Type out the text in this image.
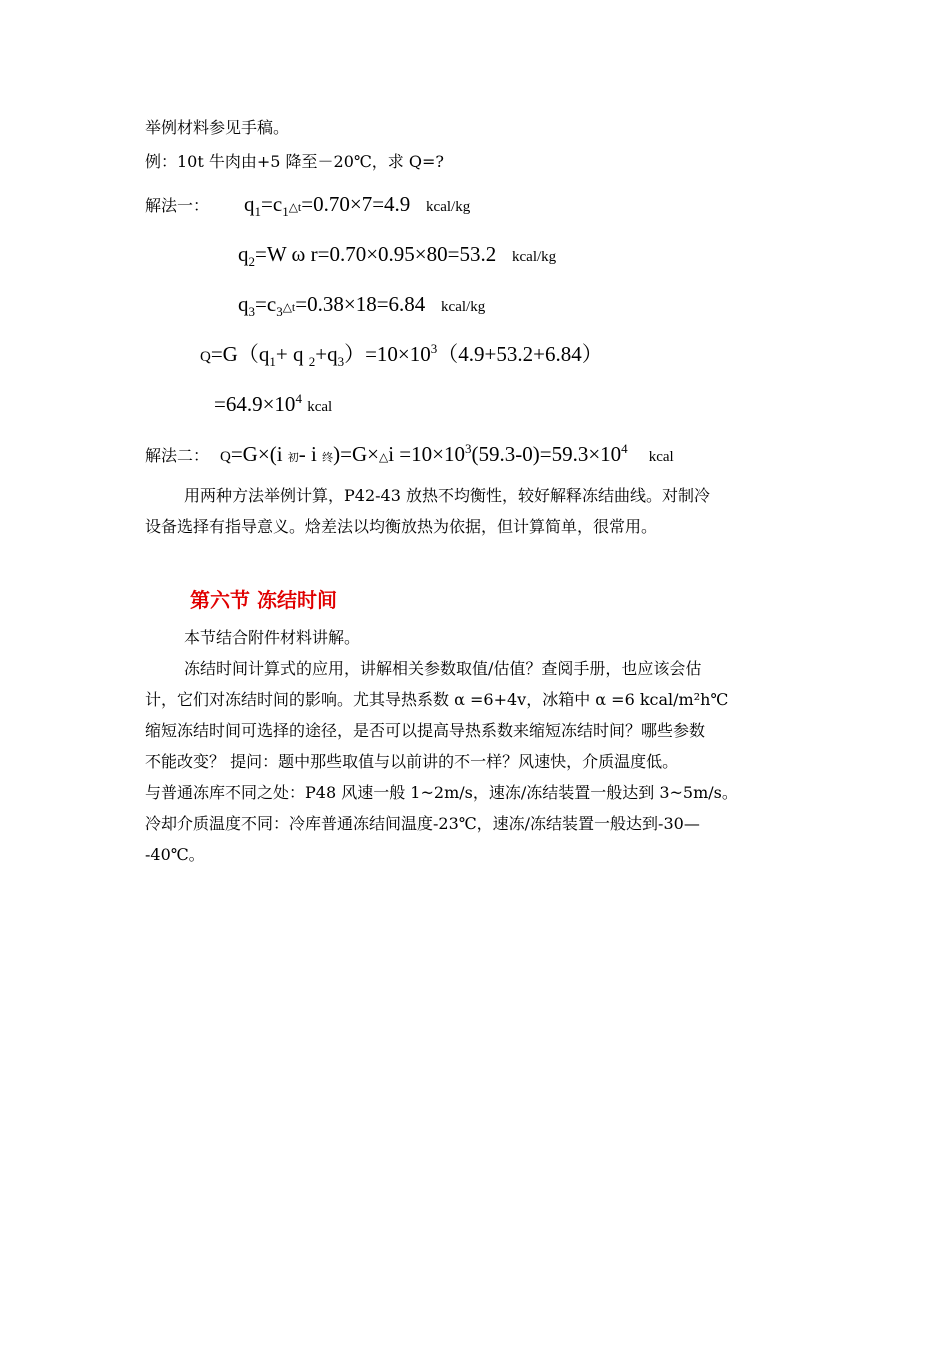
举例材料参见手稿。
例：10t 牛肉由+5 降至－20℃，求 Q=?
解法一： $q_1=c_1\triangle t=0.70\times 7=4.9$ kcal/kg
$q_2=W$ ω r=0.70×0.95×80=53.2 kcal/kg
$q_3=c_3\triangle t=0.38\times 18=6.84$ kcal/kg
$Q=G(q_1+ q$ $_2+q_3)=10\times 10^3(4.9+53.2+6.84)$
$=64.9\times 10^4$ kcal
解法二： Q=G×(i 初- i 终)=G×△i $=10\times 10^3(59.3-0)=59.3\times 10^4$    kcal
用两种方法举例计算，P42-43 放热不均衡性，较好解释冻结曲线。对制冷
设备选择有指导意义。焓差法以均衡放热为依据，但计算简单，很常用。
第六节 冻结时间
本节结合附件材料讲解。
冻结时间计算式的应用，讲解相关参数取值/估值？查阅手册，也应该会估
计，它们对冻结时间的影响。尤其导热系数 α =6+4v，冰箱中 α =6 kcal/m²h℃
缩短冻结时间可选择的途径，是否可以提高导热系数来缩短冻结时间？哪些参数
不能改变？ 提问：题中那些取值与以前讲的不一样？风速快，介质温度低。
与普通冻库不同之处：P48 风速一般 1~2m/s，速冻/冻结装置一般达到 3~5m/s。
冷却介质温度不同：冷库普通冻结间温度-23℃，速冻/冻结装置一般达到-30—
-40℃。
